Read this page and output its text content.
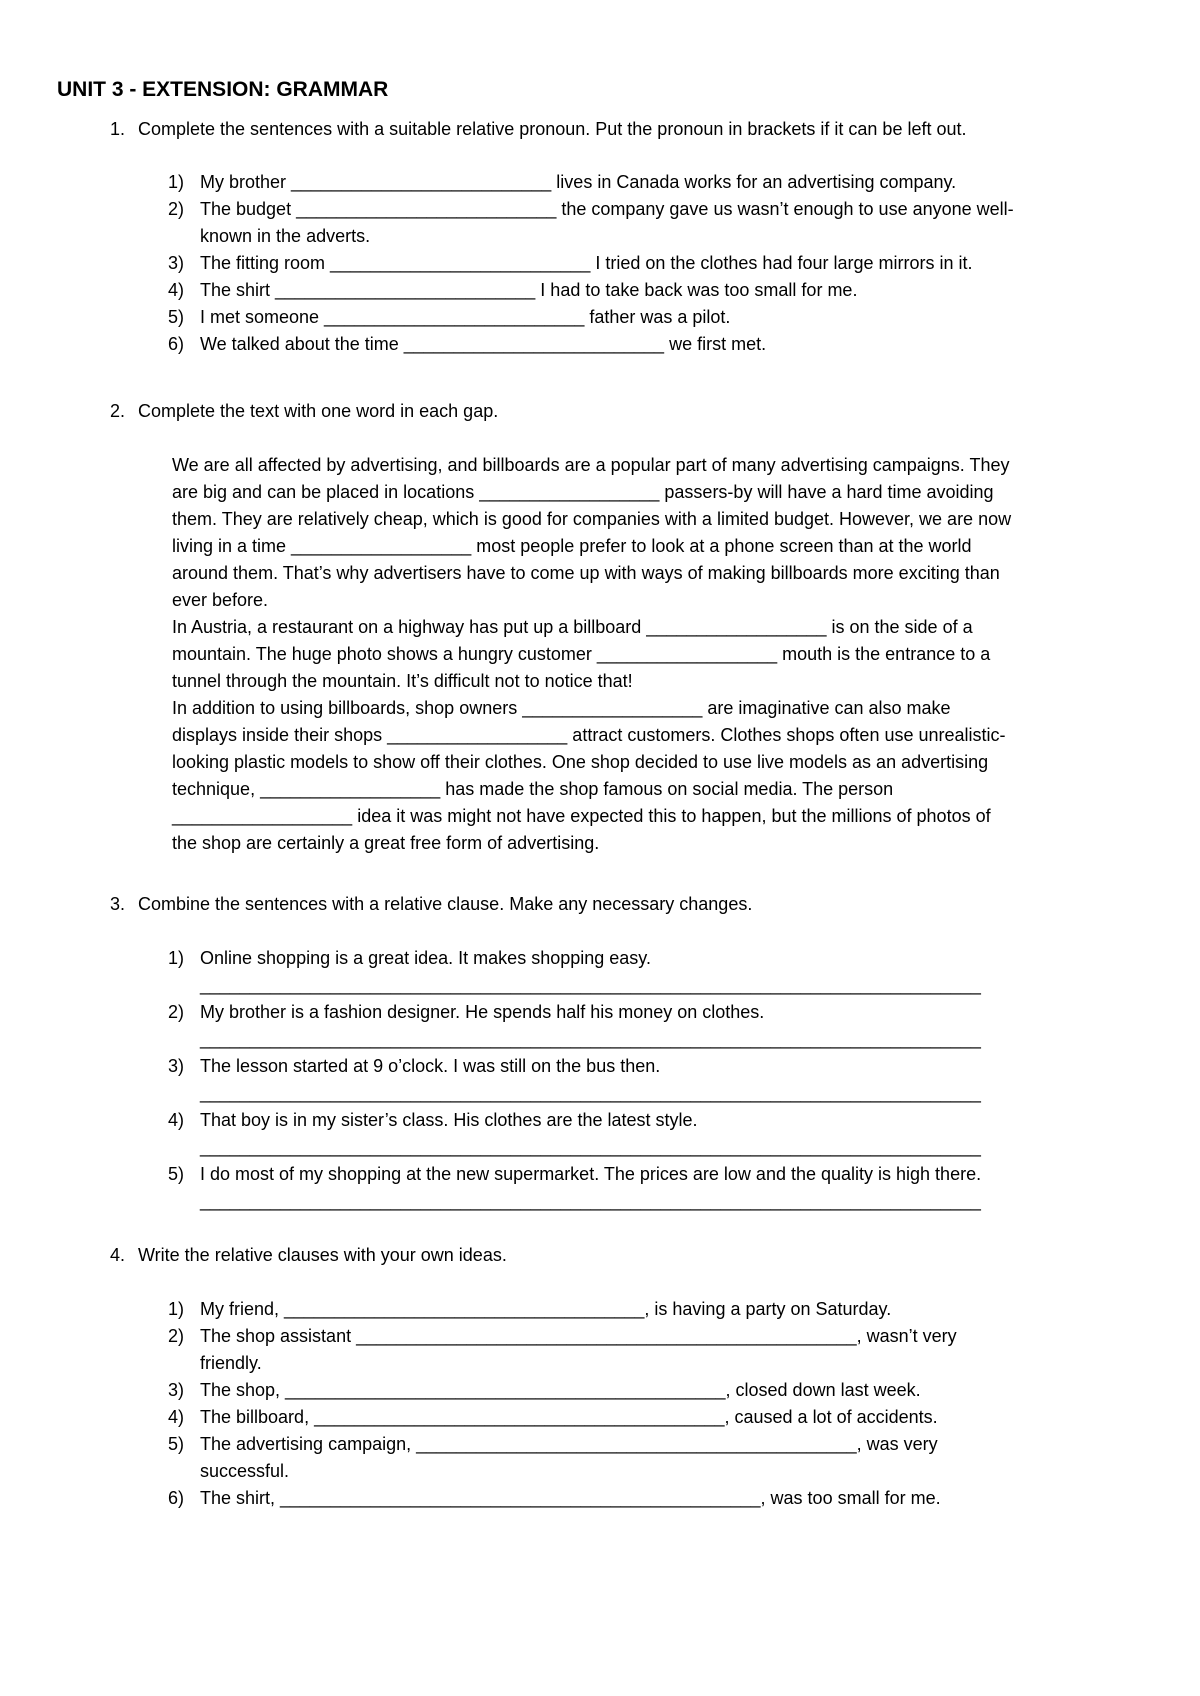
UNIT 3 - EXTENSION: GRAMMAR
1. Complete the sentences with a suitable relative pronoun. Put the pronoun in brackets if it can be left out.
1) My brother __________________________ lives in Canada works for an advertising company.
2) The budget __________________________ the company gave us wasn’t enough to use anyone well-
known in the adverts.
3) The fitting room __________________________ I tried on the clothes had four large mirrors in it.
4) The shirt __________________________ I had to take back was too small for me.
5) I met someone __________________________ father was a pilot.
6) We talked about the time __________________________ we first met.
2. Complete the text with one word in each gap.
We are all affected by advertising, and billboards are a popular part of many advertising campaigns. They
are big and can be placed in locations __________________ passers-by will have a hard time avoiding
them. They are relatively cheap, which is good for companies with a limited budget. However, we are now
living in a time __________________ most people prefer to look at a phone screen than at the world
around them. That’s why advertisers have to come up with ways of making billboards more exciting than
ever before.
In Austria, a restaurant on a highway has put up a billboard __________________ is on the side of a
mountain. The huge photo shows a hungry customer __________________ mouth is the entrance to a
tunnel through the mountain. It’s difficult not to notice that!
In addition to using billboards, shop owners __________________ are imaginative can also make
displays inside their shops __________________ attract customers. Clothes shops often use unrealistic-
looking plastic models to show off their clothes. One shop decided to use live models as an advertising
technique, __________________ has made the shop famous on social media. The person
__________________ idea it was might not have expected this to happen, but the millions of photos of
the shop are certainly a great free form of advertising.
3. Combine the sentences with a relative clause. Make any necessary changes.
1) Online shopping is a great idea. It makes shopping easy.
______________________________________________________________________________
2) My brother is a fashion designer. He spends half his money on clothes.
______________________________________________________________________________
3) The lesson started at 9 o’clock. I was still on the bus then.
______________________________________________________________________________
4) That boy is in my sister’s class. His clothes are the latest style.
______________________________________________________________________________
5) I do most of my shopping at the new supermarket. The prices are low and the quality is high there.
______________________________________________________________________________
4. Write the relative clauses with your own ideas.
1) My friend, ____________________________________, is having a party on Saturday.
2) The shop assistant __________________________________________________, wasn’t very
friendly.
3) The shop, ____________________________________________, closed down last week.
4) The billboard, _________________________________________, caused a lot of accidents.
5) The advertising campaign, ____________________________________________, was very
successful.
6) The shirt, ________________________________________________, was too small for me.
